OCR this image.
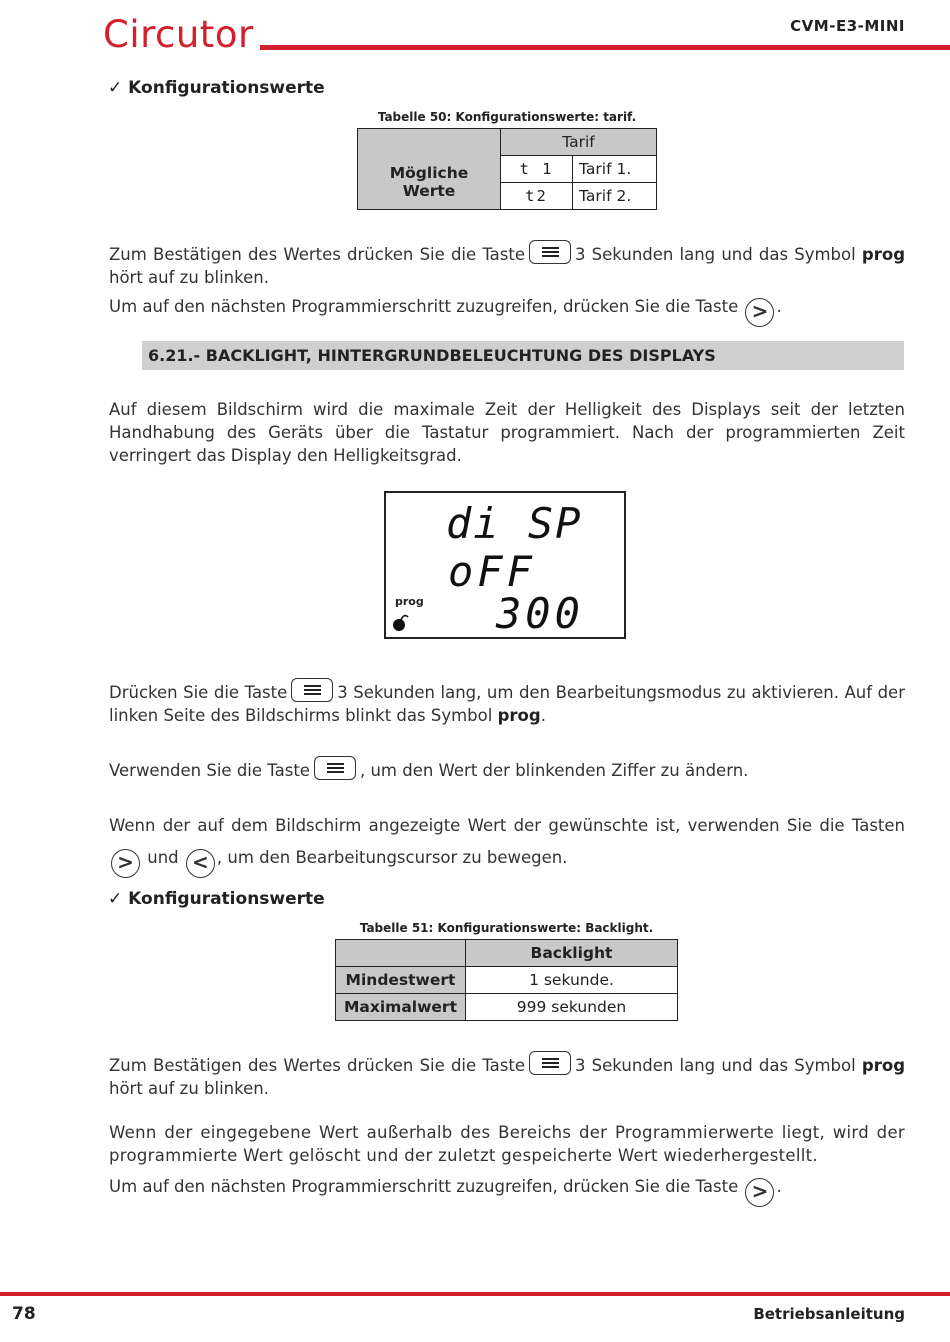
Circutor	CVM-E3-MINI
✓ Konfigurationswerte
Tabelle 50: Konfigurationswerte: tarif.
	Tarif	
Mögliche Werte	t 1	Tarif 1.
	t2	Tarif 2.
Zum Bestätigen des Wertes drücken Sie die Taste	3 Sekunden lang und das Symbol prog hört auf zu blinken.
Um auf den nächsten Programmierschritt zuzugreifen, drücken Sie die Taste > .
6.21.- BACKLIGHT, HINTERGRUNDBELEUCHTUNG DES DISPLAYS
Auf diesem Bildschirm wird die maximale Zeit der Helligkeit des Displays seit der letzten Handhabung des Geräts über die Tastatur programmiert. Nach der programmierten Zeit verringert das Display den Helligkeitsgrad.
di SP
oFF
300
prog
Drücken Sie die Taste	3 Sekunden lang, um den Bearbeitungsmodus zu aktivieren. Auf der linken Seite des Bildschirms blinkt das Symbol prog.
Verwenden Sie die Taste	, um den Wert der blinkenden Ziffer zu ändern.
Wenn der auf dem Bildschirm angezeigte Wert der gewünschte ist, verwenden Sie die Tasten > und < , um den Bearbeitungscursor zu bewegen.
✓ Konfigurationswerte
Tabelle 51: Konfigurationswerte: Backlight.
	Backlight
Mindestwert	1 sekunde.
Maximalwert	999 sekunden
Zum Bestätigen des Wertes drücken Sie die Taste	3 Sekunden lang und das Symbol prog hört auf zu blinken.
Wenn der eingegebene Wert außerhalb des Bereichs der Programmierwerte liegt, wird der programmierte Wert gelöscht und der zuletzt gespeicherte Wert wiederhergestellt.
Um auf den nächsten Programmierschritt zuzugreifen, drücken Sie die Taste > .
78	Betriebsanleitung
